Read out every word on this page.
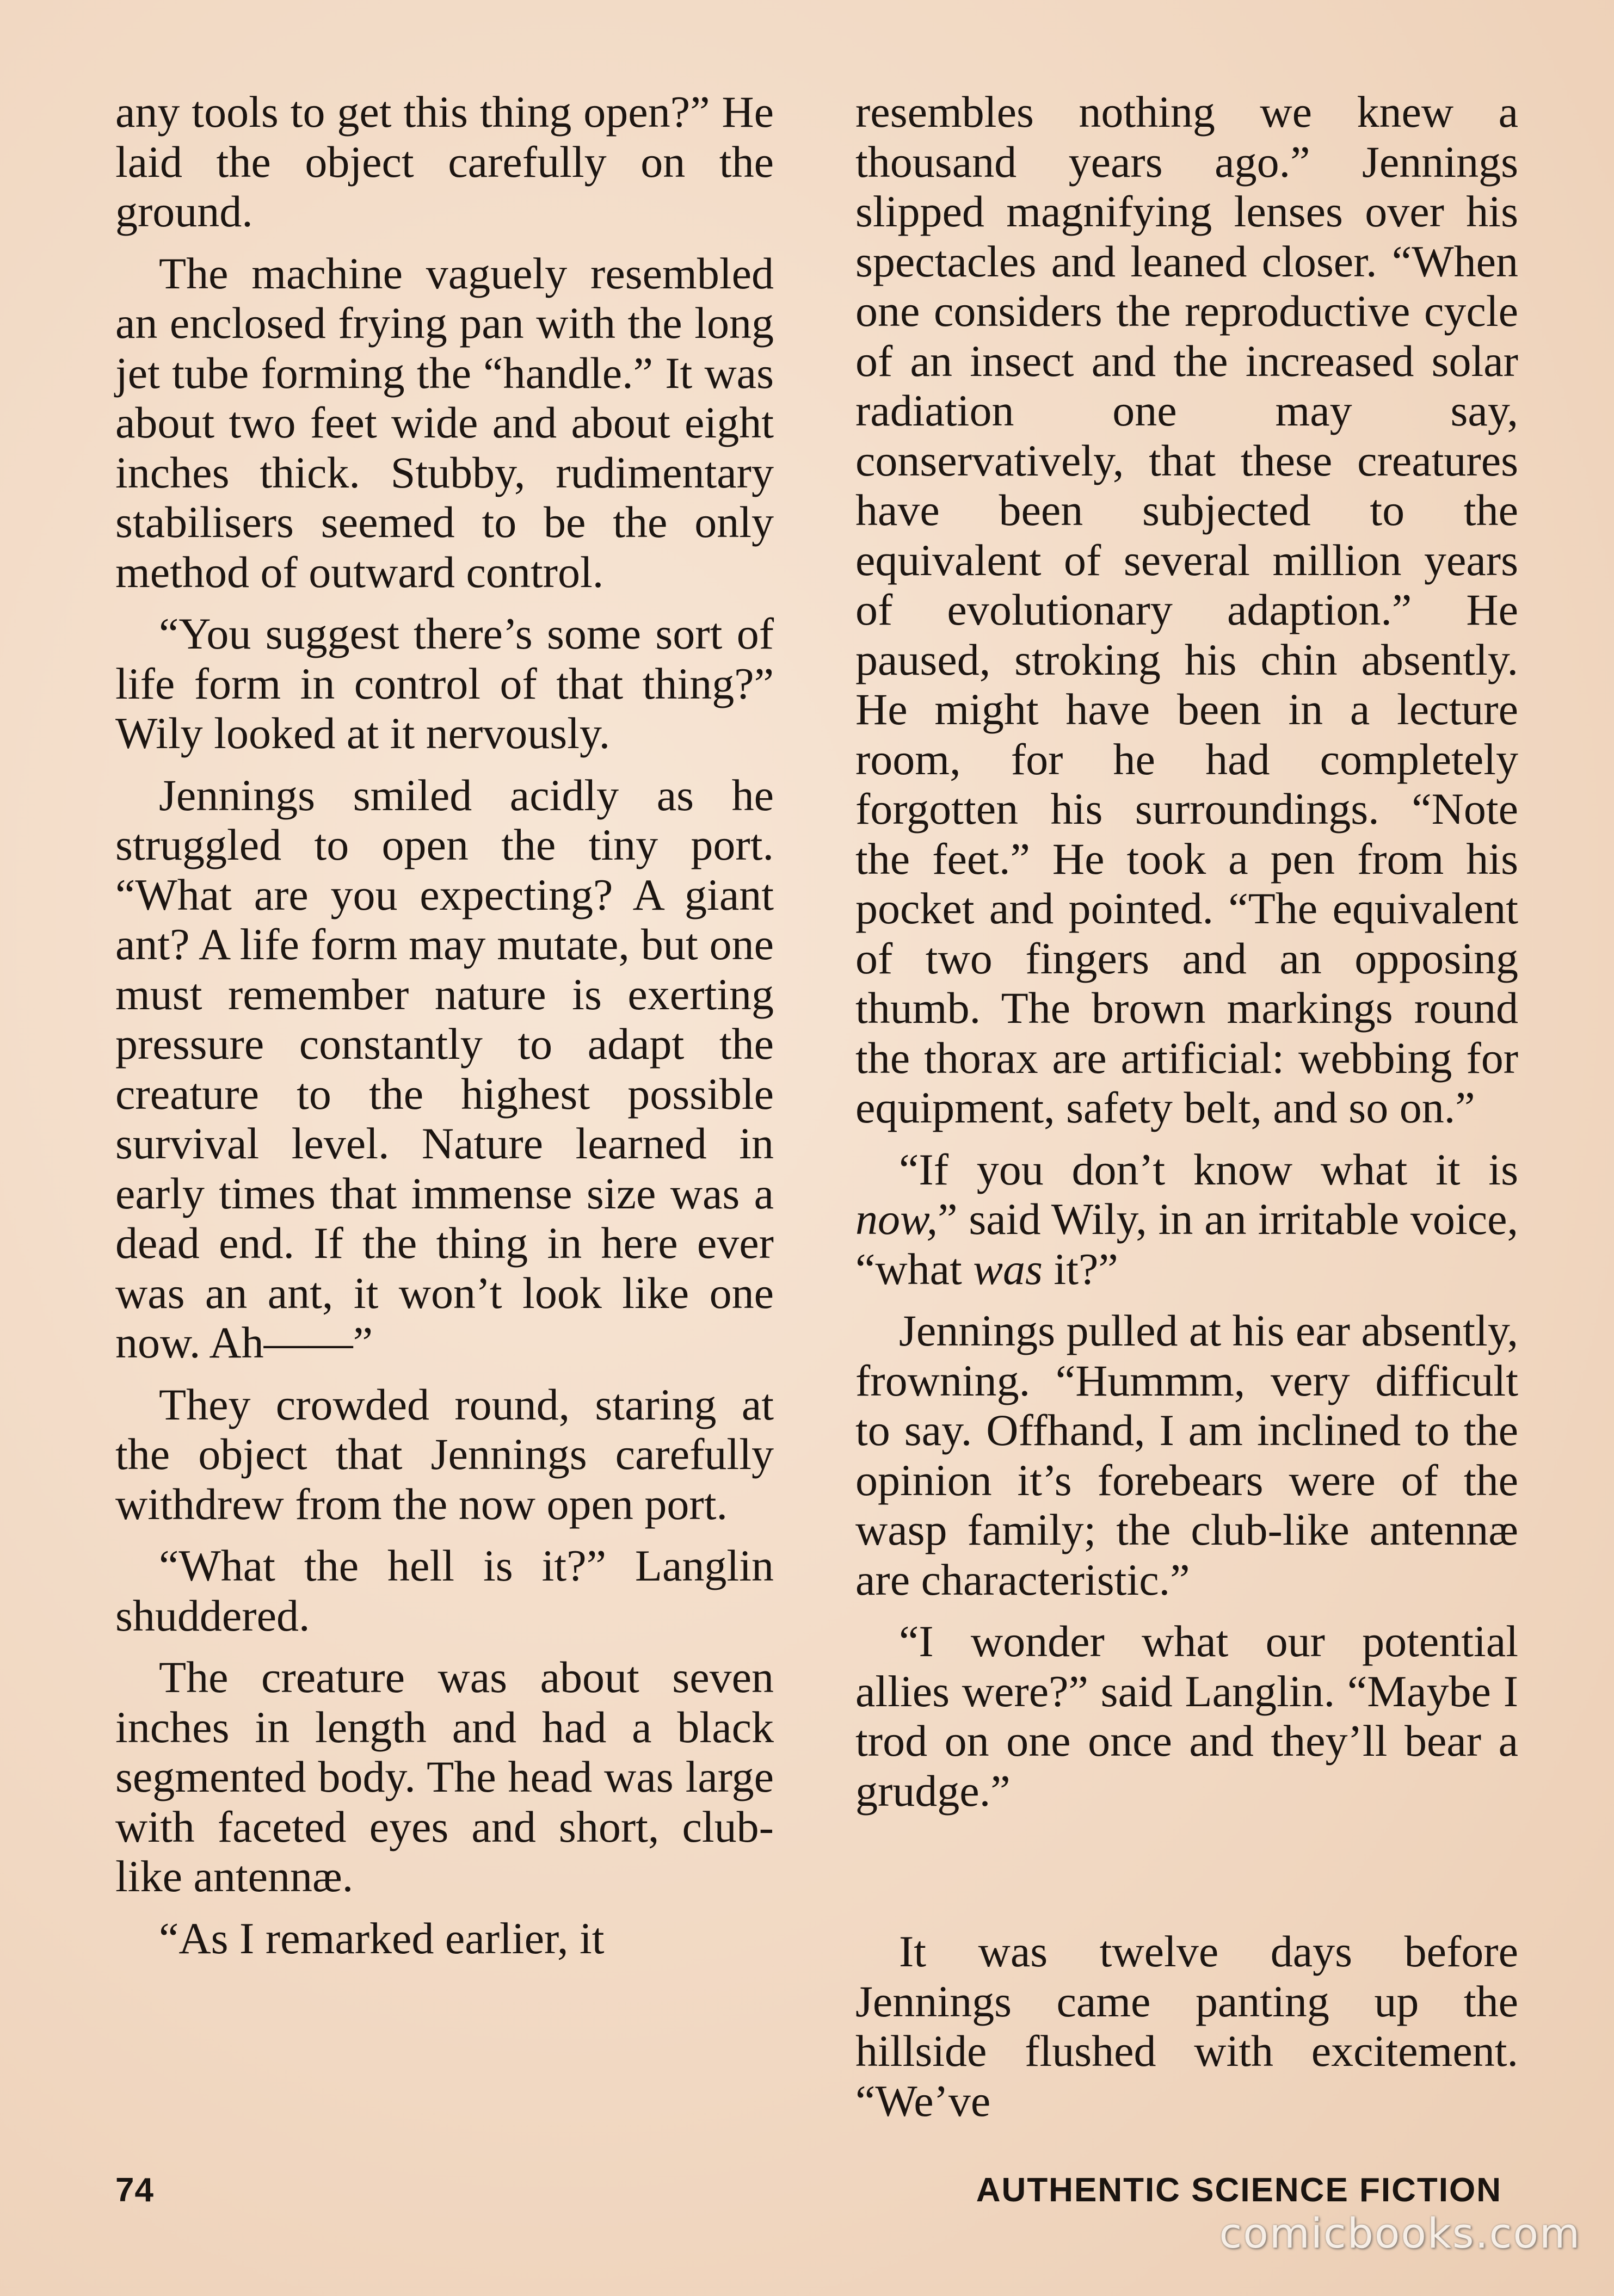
any tools to get this thing open?” He laid the object carefully on the ground.

The machine vaguely resembled an enclosed frying pan with the long jet tube forming the “handle.” It was about two feet wide and about eight inches thick. Stubby, rudimentary stabilisers seemed to be the only method of outward control.

“You suggest there’s some sort of life form in control of that thing?” Wily looked at it nervously.

Jennings smiled acidly as he struggled to open the tiny port. “What are you expecting? A giant ant? A life form may mutate, but one must remember nature is exerting pressure constantly to adapt the creature to the highest possible survival level. Nature learned in early times that immense size was a dead end. If the thing in here ever was an ant, it won’t look like one now. Ah——”

They crowded round, staring at the object that Jennings carefully withdrew from the now open port.

“What the hell is it?” Langlin shuddered.

The creature was about seven inches in length and had a black segmented body. The head was large with faceted eyes and short, club-like antennæ.

“As I remarked earlier, it

resembles nothing we knew a thousand years ago.” Jennings slipped magnifying lenses over his spectacles and leaned closer. “When one considers the reproductive cycle of an insect and the increased solar radiation one may say, conservatively, that these creatures have been subjected to the equivalent of several million years of evolutionary adaption.” He paused, stroking his chin absently. He might have been in a lecture room, for he had completely forgotten his surroundings. “Note the feet.” He took a pen from his pocket and pointed. “The equivalent of two fingers and an opposing thumb. The brown markings round the thorax are artificial: webbing for equipment, safety belt, and so on.”

“If you don’t know what it is now,” said Wily, in an irritable voice, “what was it?”

Jennings pulled at his ear absently, frowning. “Hummm, very difficult to say. Offhand, I am inclined to the opinion it’s forebears were of the wasp family; the club-like antennæ are characteristic.”

“I wonder what our potential allies were?” said Langlin. “Maybe I trod on one once and they’ll bear a grudge.”

It was twelve days before Jennings came panting up the hillside flushed with excitement. “We’ve

74	AUTHENTIC SCIENCE FICTION
comicbooks.com
